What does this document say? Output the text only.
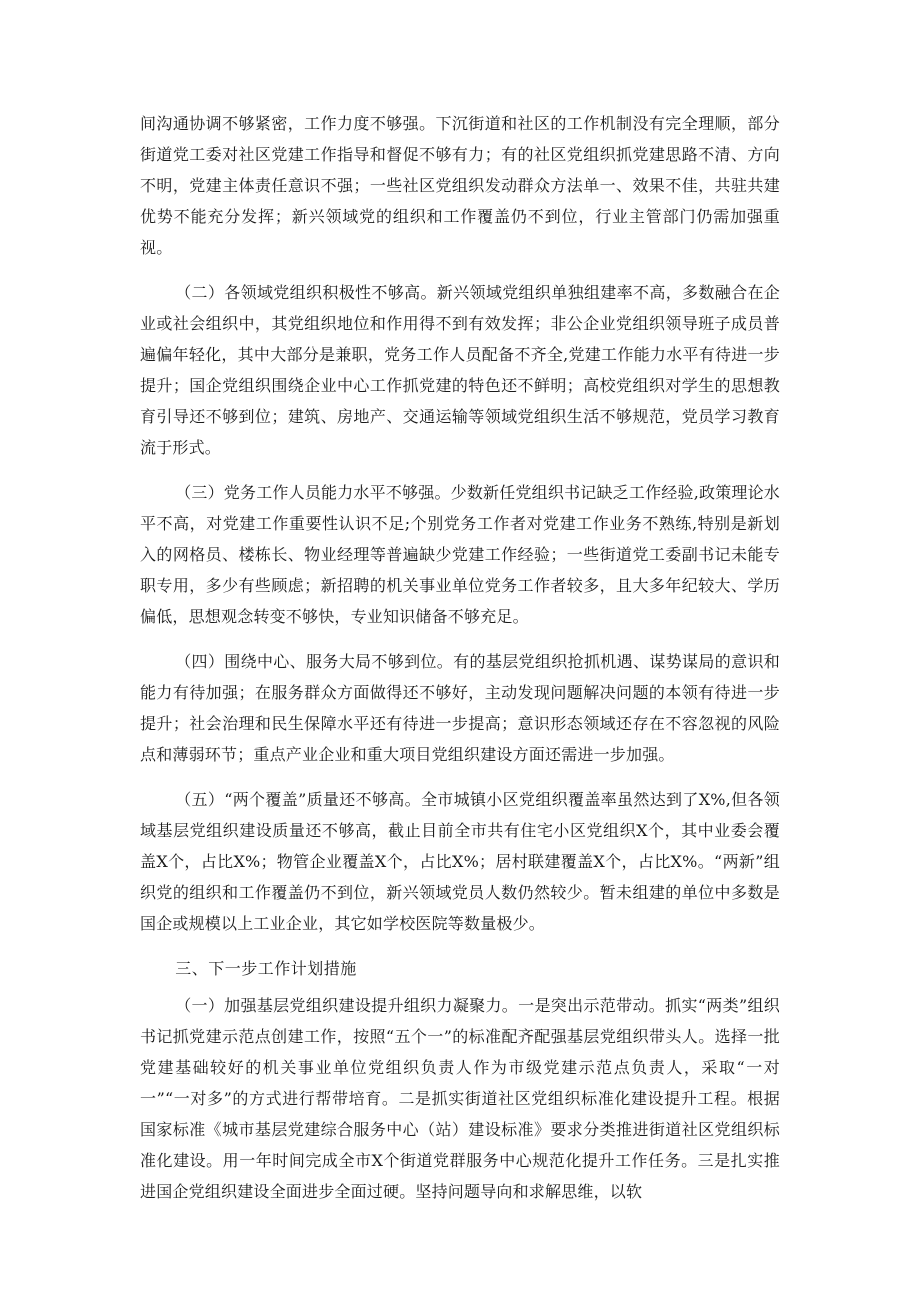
间沟通协调不够紧密，工作力度不够强。下沉街道和社区的工作机制没有完全理顺，部分街道党工委对社区党建工作指导和督促不够有力；有的社区党组织抓党建思路不清、方向不明，党建主体责任意识不强；一些社区党组织发动群众方法单一、效果不佳，共驻共建优势不能充分发挥；新兴领域党的组织和工作覆盖仍不到位，行业主管部门仍需加强重视。

（二）各领域党组织积极性不够高。新兴领域党组织单独组建率不高，多数融合在企业或社会组织中，其党组织地位和作用得不到有效发挥；非公企业党组织领导班子成员普遍偏年轻化，其中大部分是兼职，党务工作人员配备不齐全,党建工作能力水平有待进一步提升；国企党组织围绕企业中心工作抓党建的特色还不鲜明；高校党组织对学生的思想教育引导还不够到位；建筑、房地产、交通运输等领域党组织生活不够规范，党员学习教育流于形式。

（三）党务工作人员能力水平不够强。少数新任党组织书记缺乏工作经验,政策理论水平不高，对党建工作重要性认识不足;个别党务工作者对党建工作业务不熟练,特别是新划入的网格员、楼栋长、物业经理等普遍缺少党建工作经验；一些街道党工委副书记未能专职专用，多少有些顾虑；新招聘的机关事业单位党务工作者较多，且大多年纪较大、学历偏低，思想观念转变不够快，专业知识储备不够充足。

（四）围绕中心、服务大局不够到位。有的基层党组织抢抓机遇、谋势谋局的意识和能力有待加强；在服务群众方面做得还不够好，主动发现问题解决问题的本领有待进一步提升；社会治理和民生保障水平还有待进一步提高；意识形态领域还存在不容忽视的风险点和薄弱环节；重点产业企业和重大项目党组织建设方面还需进一步加强。

（五）“两个覆盖”质量还不够高。全市城镇小区党组织覆盖率虽然达到了X%,但各领域基层党组织建设质量还不够高，截止目前全市共有住宅小区党组织X个，其中业委会覆盖X个，占比X%；物管企业覆盖X个，占比X%；居村联建覆盖X个，占比X%。“两新”组织党的组织和工作覆盖仍不到位，新兴领域党员人数仍然较少。暂未组建的单位中多数是国企或规模以上工业企业，其它如学校医院等数量极少。

三、下一步工作计划措施

（一）加强基层党组织建设提升组织力凝聚力。一是突出示范带动。抓实“两类”组织书记抓党建示范点创建工作，按照“五个一”的标准配齐配强基层党组织带头人。选择一批党建基础较好的机关事业单位党组织负责人作为市级党建示范点负责人，采取“一对一”“一对多”的方式进行帮带培育。二是抓实街道社区党组织标准化建设提升工程。根据国家标准《城市基层党建综合服务中心（站）建设标准》要求分类推进街道社区党组织标准化建设。用一年时间完成全市X个街道党群服务中心规范化提升工作任务。三是扎实推进国企党组织建设全面进步全面过硬。坚持问题导向和求解思维，以软
